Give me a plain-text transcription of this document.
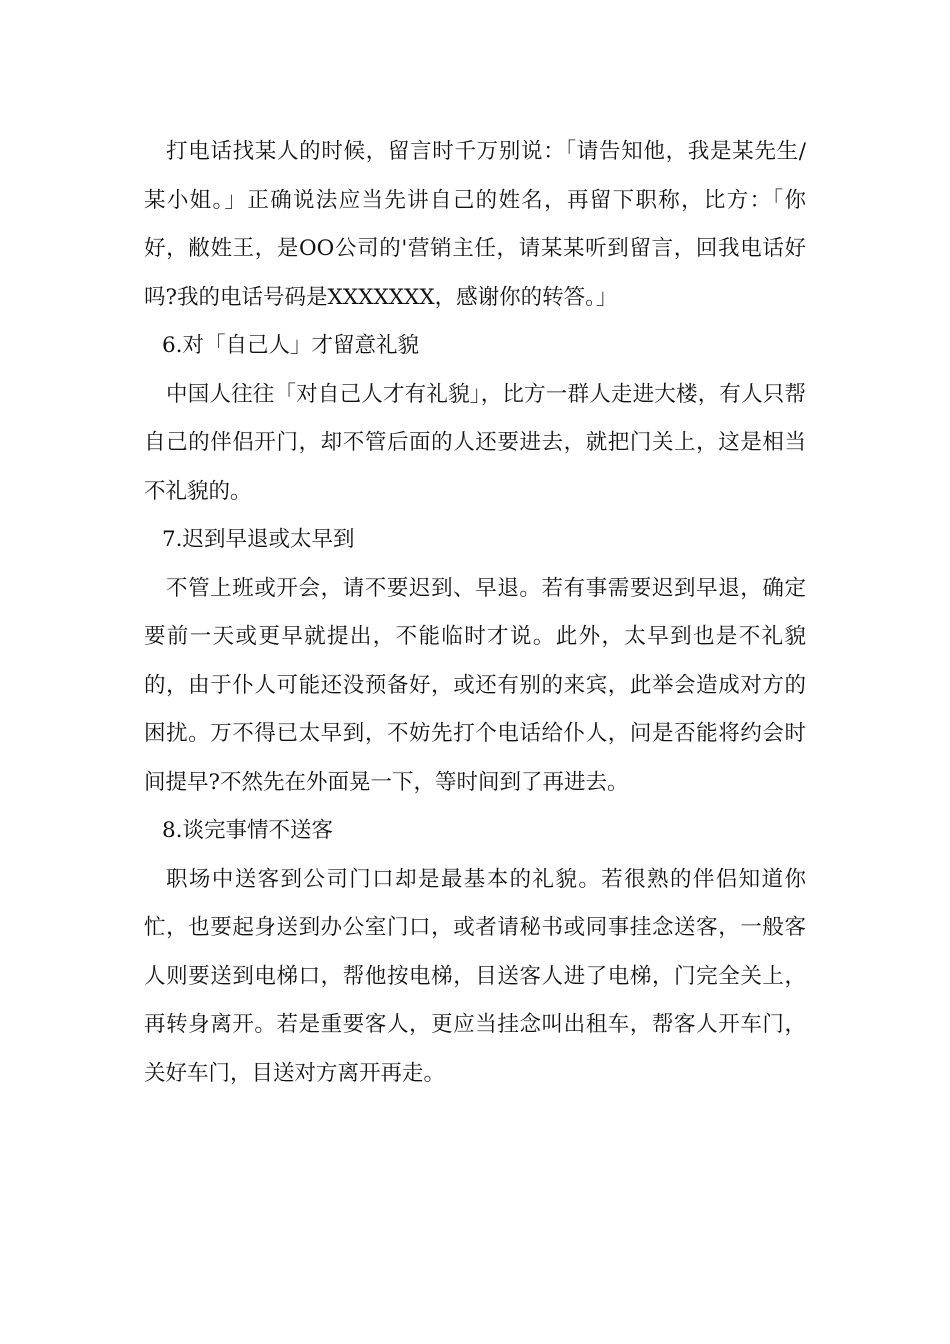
打电话找某人的时候，留言时千万别说：「请告知他，我是某先生/某小姐。」正确说法应当先讲自己的姓名，再留下职称，比方：「你好，敝姓王，是OO公司的'营销主任，请某某听到留言，回我电话好吗?我的电话号码是XXXXXXX，感谢你的转答。」

6.对「自己人」才留意礼貌

中国人往往「对自己人才有礼貌」，比方一群人走进大楼，有人只帮自己的伴侣开门，却不管后面的人还要进去，就把门关上，这是相当不礼貌的。

7.迟到早退或太早到

不管上班或开会，请不要迟到、早退。若有事需要迟到早退，确定要前一天或更早就提出，不能临时才说。此外，太早到也是不礼貌的，由于仆人可能还没预备好，或还有别的来宾，此举会造成对方的困扰。万不得已太早到，不妨先打个电话给仆人，问是否能将约会时间提早?不然先在外面晃一下，等时间到了再进去。

8.谈完事情不送客

职场中送客到公司门口却是最基本的礼貌。若很熟的伴侣知道你忙，也要起身送到办公室门口，或者请秘书或同事挂念送客，一般客人则要送到电梯口，帮他按电梯，目送客人进了电梯，门完全关上，再转身离开。若是重要客人，更应当挂念叫出租车，帮客人开车门，关好车门，目送对方离开再走。
